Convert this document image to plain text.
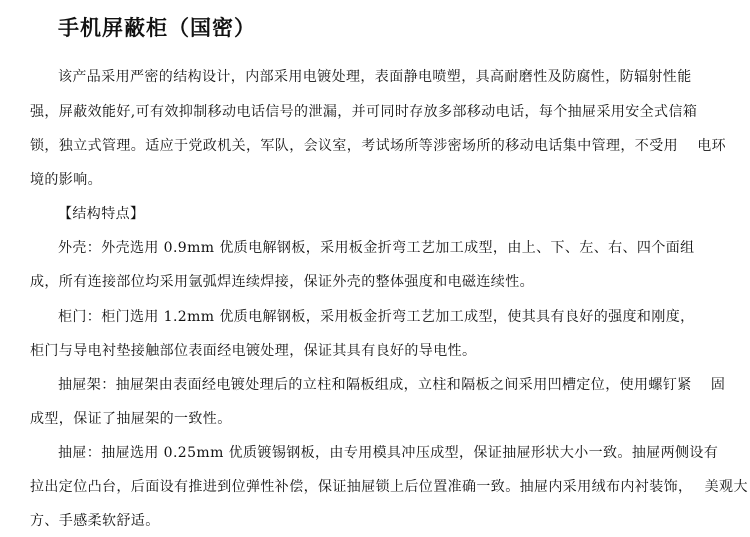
手机屏蔽柜（国密）
该产品采用严密的结构设计，内部采用电镀处理，表面静电喷塑，具高耐磨性及防腐性，防辐射性能
强，屏蔽效能好,可有效抑制移动电话信号的泄漏，并可同时存放多部移动电话，每个抽屉采用安全式信箱
锁，独立式管理。适应于党政机关，军队，会议室，考试场所等涉密场所的移动电话集中管理，不受用　 电环
境的影响。
【结构特点】
外壳：外壳选用 0.9mm 优质电解钢板，采用板金折弯工艺加工成型，由上、下、左、右、四个面组
成，所有连接部位均采用氩弧焊连续焊接，保证外壳的整体强度和电磁连续性。
柜门：柜门选用 1.2mm 优质电解钢板，采用板金折弯工艺加工成型，使其具有良好的强度和刚度，
柜门与导电衬垫接触部位表面经电镀处理，保证其具有良好的导电性。
抽屉架：抽屉架由表面经电镀处理后的立柱和隔板组成，立柱和隔板之间采用凹槽定位，使用螺钉紧　 固
成型，保证了抽屉架的一致性。
抽屉：抽屉选用 0.25mm 优质镀锡钢板，由专用模具冲压成型，保证抽屉形状大小一致。抽屉两侧设有
拉出定位凸台，后面设有推进到位弹性补偿，保证抽屉锁上后位置准确一致。抽屉内采用绒布内衬装饰，　 美观大
方、手感柔软舒适。
